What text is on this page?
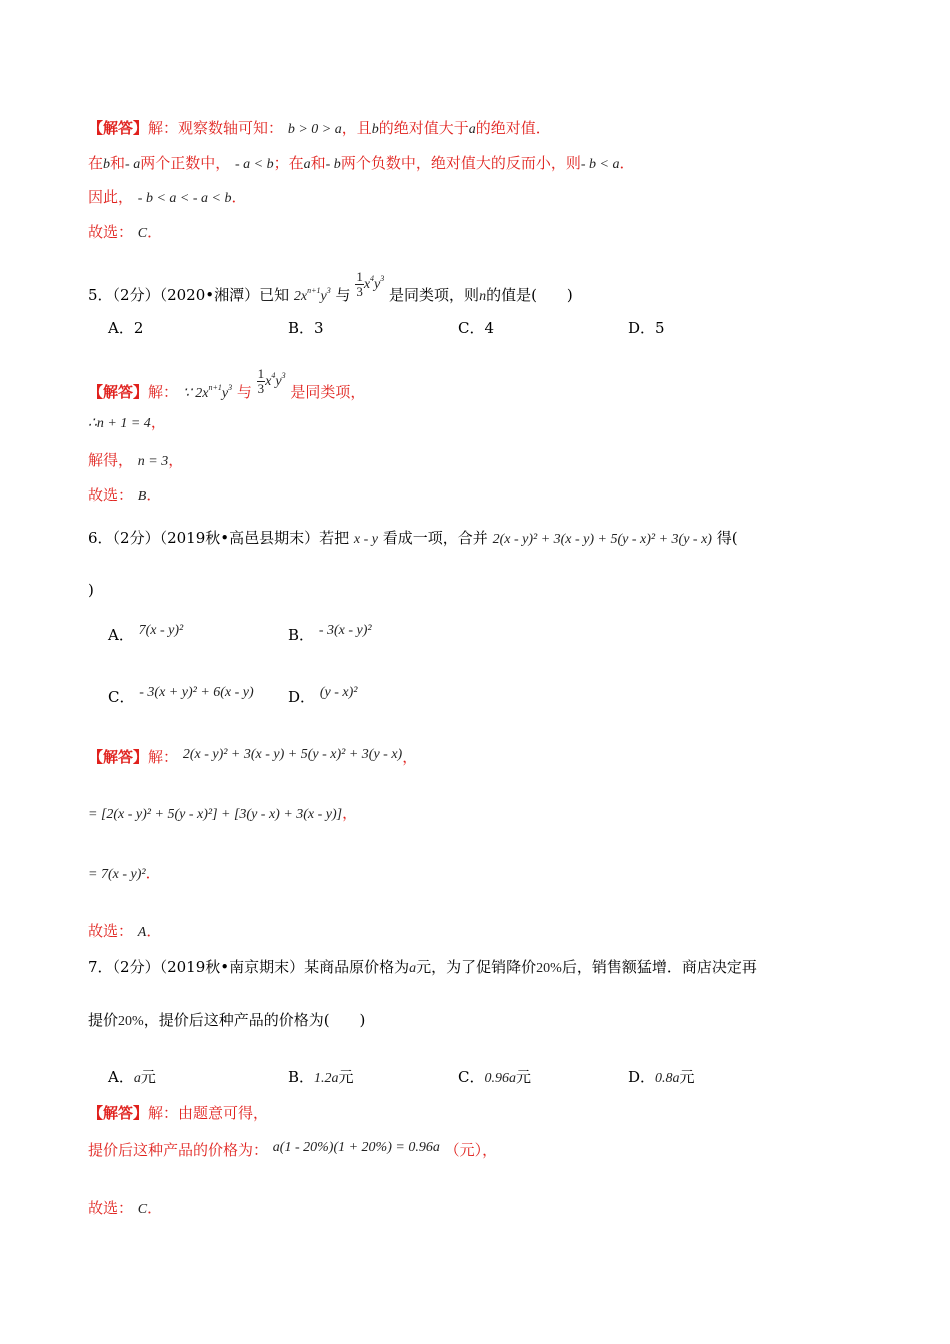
【解答】解：观察数轴可知： b > 0 > a，且b的绝对值大于a的绝对值．
在b和- a两个正数中， - a < b；在a和- b两个负数中，绝对值大的反而小，则- b < a．
因此， - b < a < - a < b．
故选： C．
5．（2分）（2020•湘潭）已知 $2x^{n+1}y^3$ 与 $\frac{1}{3} x^4y^3$ 是同类项，则n的值是(　　)
A．2	B．3	C．4	D．5
【解答】解： ∵ $2x^{n+1}y^3$ 与 $\frac{1}{3} x^4y^3$ 是同类项，
∴n + 1 = 4，
解得， n = 3，
故选： B．
6．（2分）（2019秋•高邑县期末）若把 x - y 看成一项，合并 2(x - y)² + 3(x - y) + 5(y - x)² + 3(y - x) 得(
)
A． 7(x - y)²	B． - 3(x - y)²
C． - 3(x + y)² + 6(x - y) D． (y - x)²
【解答】解： 2(x - y)² + 3(x - y) + 5(y - x)² + 3(y - x)，
= [2(x - y)² + 5(y - x)²] + [3(y - x) + 3(x - y)]，
= 7(x - y)²．
故选： A．
7．（2分）（2019秋•南京期末）某商品原价格为a元，为了促销降价20%后，销售额猛增．商店决定再
提价20%，提价后这种产品的价格为(　　)
A．a元	B．1.2a元	C．0.96a元	D．0.8a元
【解答】解：由题意可得，
提价后这种产品的价格为： a(1 - 20%)(1 + 20%) = 0.96a （元），
故选： C．
